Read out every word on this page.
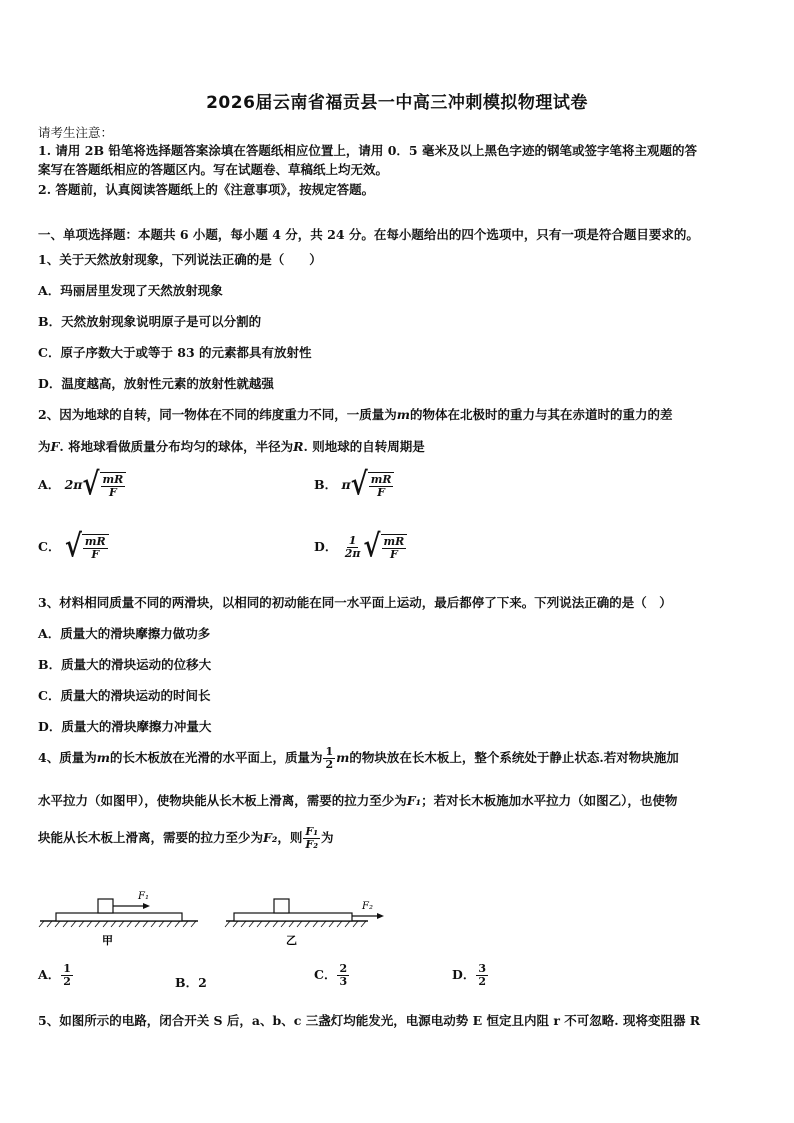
2026届云南省福贡县一中高三冲刺模拟物理试卷
请考生注意：
1. 请用 2B 铅笔将选择题答案涂填在答题纸相应位置上，请用 0．5 毫米及以上黑色字迹的钢笔或签字笔将主观题的答
案写在答题纸相应的答题区内。写在试题卷、草稿纸上均无效。
2. 答题前，认真阅读答题纸上的《注意事项》，按规定答题。
一、单项选择题：本题共 6 小题，每小题 4 分，共 24 分。在每小题给出的四个选项中，只有一项是符合题目要求的。
1、关于天然放射现象，下列说法正确的是（　　）
A．玛丽居里发现了天然放射现象
B．天然放射现象说明原子是可以分割的
C．原子序数大于或等于 83 的元素都具有放射性
D．温度越高，放射性元素的放射性就越强
2、因为地球的自转，同一物体在不同的纬度重力不同，一质量为m的物体在北极时的重力与其在赤道时的重力的差
为F. 将地球看做质量分布均匀的球体，半径为R. 则地球的自转周期是
A． 2π √ $\frac{mR}{F}$	B． π √ $\frac{mR}{F}$
C． √ $\frac{mR}{F}$	D． $\frac{1}{2\pi}$ √ $\frac{mR}{F}$
3、材料相同质量不同的两滑块，以相同的初动能在同一水平面上运动，最后都停了下来。下列说法正确的是（　）
A．质量大的滑块摩擦力做功多
B．质量大的滑块运动的位移大
C．质量大的滑块运动的时间长
D．质量大的滑块摩擦力冲量大
4、质量为m的长木板放在光滑的水平面上，质量为 $\frac{1}{2}$ m的物块放在长木板上，整个系统处于静止状态.若对物块施加
水平拉力（如图甲），使物块能从长木板上滑离，需要的拉力至少为F₁；若对长木板施加水平拉力（如图乙），也使物
块能从长木板上滑离，需要的拉力至少为F₂，则 $\frac{\text{F₁}}{\text{F₂}}$ 为
F₁
甲
F₂
乙
A． $\frac{1}{2}$	B．2
C． $\frac{2}{3}$	D． $\frac{3}{2}$
5、如图所示的电路，闭合开关 S 后，a、b、c 三盏灯均能发光，电源电动势 E 恒定且内阻 r 不可忽略. 现将变阻器 R
